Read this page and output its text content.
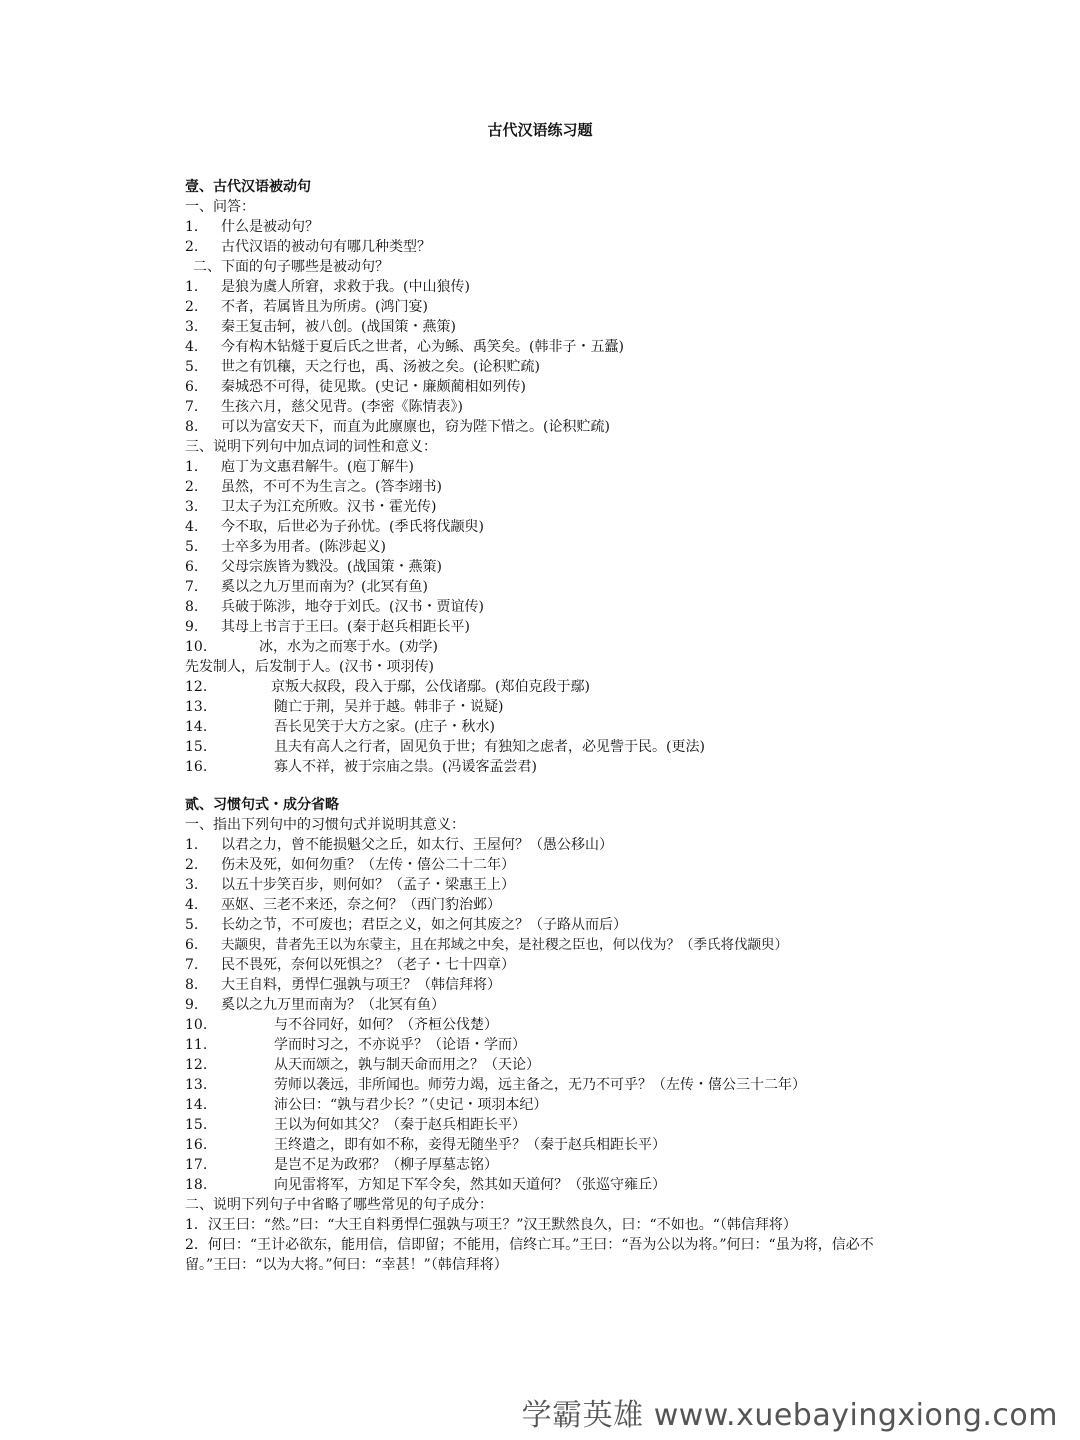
古代汉语练习题
壹、古代汉语被动句
一、问答：
1. 什么是被动句？
2. 古代汉语的被动句有哪几种类型？
二、下面的句子哪些是被动句？
1. 是狼为虞人所窘，求救于我。(中山狼传)
2. 不者，若属皆且为所虏。(鸿门宴)
3. 秦王复击轲，被八创。(战国策・燕策)
4. 今有构木钻燧于夏后氏之世者，心为鲧、禹笑矣。(韩非子・五蠹)
5. 世之有饥穰，天之行也，禹、汤被之矣。(论积贮疏)
6. 秦城恐不可得，徒见欺。(史记・廉颇蔺相如列传)
7. 生孩六月，慈父见背。(李密《陈情表》)
8. 可以为富安天下，而直为此廪廪也，窃为陛下惜之。(论积贮疏)
三、说明下列句中加点词的词性和意义：
1. 庖丁为文惠君解牛。(庖丁解牛)
2. 虽然，不可不为生言之。(答李翊书)
3. 卫太子为江充所败。汉书・霍光传)
4. 今不取，后世必为子孙忧。(季氏将伐颛臾)
5. 士卒多为用者。(陈涉起义)
6. 父母宗族皆为戮没。(战国策・燕策)
7. 奚以之九万里而南为？(北冥有鱼)
8. 兵破于陈涉，地夺于刘氏。(汉书・贾谊传)
9. 其母上书言于王曰。(秦于赵兵相距长平)
10.	冰，水为之而寒于水。(劝学)
先发制人，后发制于人。(汉书・项羽传)
12.	京叛大叔段，段入于鄢，公伐诸鄢。(郑伯克段于鄢)
13.	随亡于荆，吴并于越。韩非子・说疑)
14.	吾长见笑于大方之家。(庄子・秋水)
15.	且夫有高人之行者，固见负于世；有独知之虑者，必见訾于民。(更法)
16.	寡人不祥，被于宗庙之祟。(冯谖客孟尝君)
贰、习惯句式・成分省略
一、指出下列句中的习惯句式并说明其意义：
1. 以君之力，曾不能损魁父之丘，如太行、王屋何？（愚公移山）
2. 伤未及死，如何勿重？（左传・僖公二十二年）
3. 以五十步笑百步，则何如？（孟子・梁惠王上）
4. 巫妪、三老不来还，奈之何？（西门豹治邺）
5. 长幼之节，不可废也；君臣之义，如之何其废之？（子路从而后）
6. 夫颛臾，昔者先王以为东蒙主，且在邦域之中矣，是社稷之臣也，何以伐为？（季氏将伐颛臾）
7. 民不畏死，奈何以死惧之？（老子・七十四章）
8. 大王自料，勇悍仁强孰与项王？（韩信拜将）
9. 奚以之九万里而南为？（北冥有鱼）
10.	与不谷同好，如何？（齐桓公伐楚）
11.	学而时习之，不亦说乎？（论语・学而）
12.	从天而颂之，孰与制天命而用之？（天论）
13.	劳师以袭远，非所闻也。师劳力竭，远主备之，无乃不可乎？（左传・僖公三十二年）
14.	沛公曰：“孰与君少长？”（史记・项羽本纪）
15.	王以为何如其父？（秦于赵兵相距长平）
16.	王终遣之，即有如不称，妾得无随坐乎？（秦于赵兵相距长平）
17.	是岂不足为政邪？（柳子厚墓志铭）
18.	向见雷将军，方知足下军令矣，然其如天道何？（张巡守雍丘）
二、说明下列句子中省略了哪些常见的句子成分：
1．汉王曰：“然。”曰：“大王自料勇悍仁强孰与项王？”汉王默然良久，曰：“不如也。“（韩信拜将）
2．何曰：“王计必欲东，能用信，信即留；不能用，信终亡耳。”王曰：“吾为公以为将。”何曰：“虽为将，信必不留。”王曰：“以为大将。”何曰：“幸甚！”（韩信拜将）
学霸英雄 www.xuebayingxiong.com
